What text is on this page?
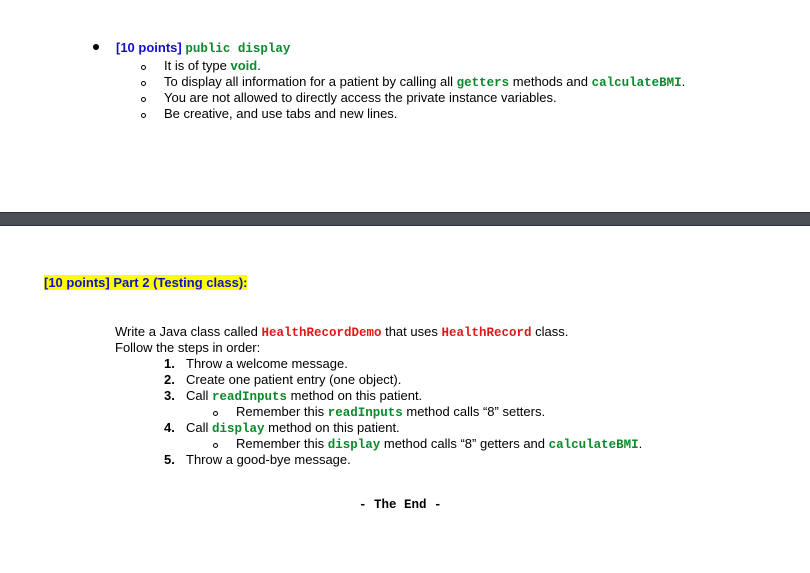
[10 points] public display
It is of type void.
To display all information for a patient by calling all getters methods and calculateBMI.
You are not allowed to directly access the private instance variables.
Be creative, and use tabs and new lines.
[10 points] Part 2 (Testing class):
Write a Java class called HealthRecordDemo that uses HealthRecord class.
Follow the steps in order:
1. Throw a welcome message.
2. Create one patient entry (one object).
3. Call readInputs method on this patient.
Remember this readInputs method calls “8” setters.
4. Call display method on this patient.
Remember this display method calls “8” getters and calculateBMI.
5. Throw a good-bye message.
- The End -
